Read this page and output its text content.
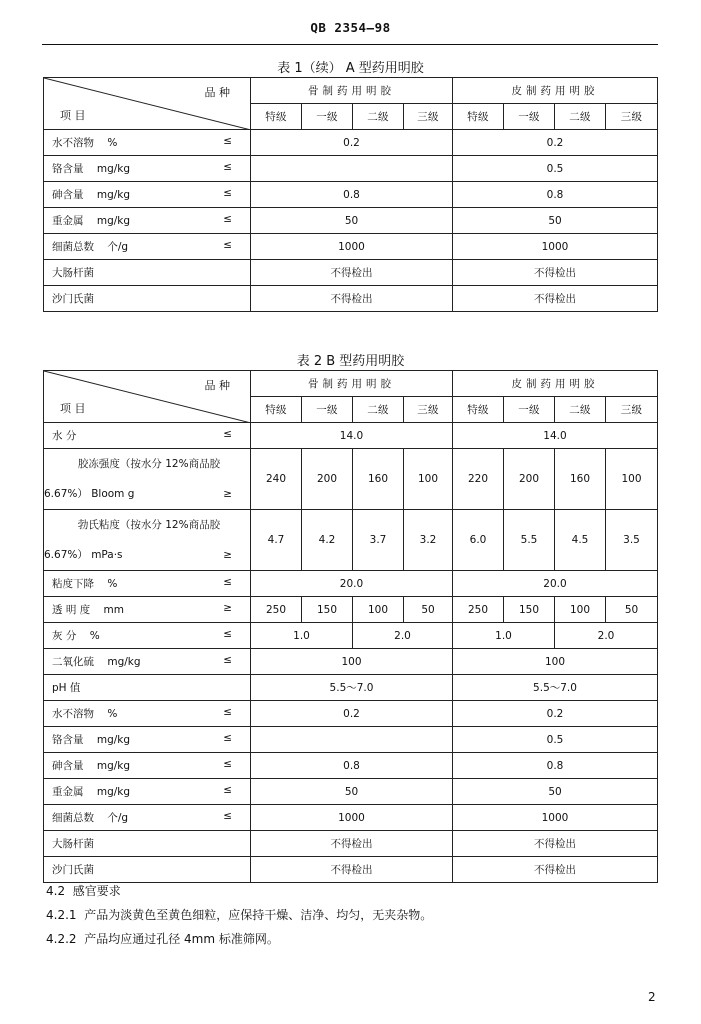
QB 2354—98
表 1（续） A 型药用明胶
品 种
项 目	骨制药用明胶				皮制药用明胶			
	特级	一级	二级	三级	特级	一级	二级	三级

水不溶物 % ≤	0.2				0.2			

铬含量 mg/kg ≤					0.5			

砷含量 mg/kg ≤	0.8				0.8			

重金属 mg/kg ≤	50				50			

细菌总数 个/g ≤	1000				1000			

大肠杆菌	不得检出				不得检出			

沙门氏菌	不得检出				不得检出			
表 2 B 型药用明胶
品 种
项 目	骨制药用明胶				皮制药用明胶			
	特级	一级	二级	三级	特级	一级	二级	三级

水 分 ≤	14.0				14.0			

胶冻强度（按水分 12%商品胶
6.67%） Bloom g ≥	240	200	160	100	220	200	160	100

勃氏粘度（按水分 12%商品胶
6.67%） mPa·s ≥	4.7	4.2	3.7	3.2	6.0	5.5	4.5	3.5

粘度下降 % ≤	20.0				20.0			

透 明 度 mm ≥	250	150	100	50	250	150	100	50

灰 分 % ≤	1.0		2.0		1.0		2.0	

二氧化硫 mg/kg ≤	100				100			

pH 值	5.5～7.0				5.5～7.0			

水不溶物 % ≤	0.2				0.2			

铬含量 mg/kg ≤					0.5			

砷含量 mg/kg ≤	0.8				0.8			

重金属 mg/kg ≤	50				50			

细菌总数 个/g ≤	1000				1000			

大肠杆菌	不得检出				不得检出			

沙门氏菌	不得检出				不得检出			
4.2 感官要求
4.2.1 产品为淡黄色至黄色细粒，应保持干燥、洁净、均匀，无夹杂物。
4.2.2 产品均应通过孔径 4mm 标准筛网。
2
